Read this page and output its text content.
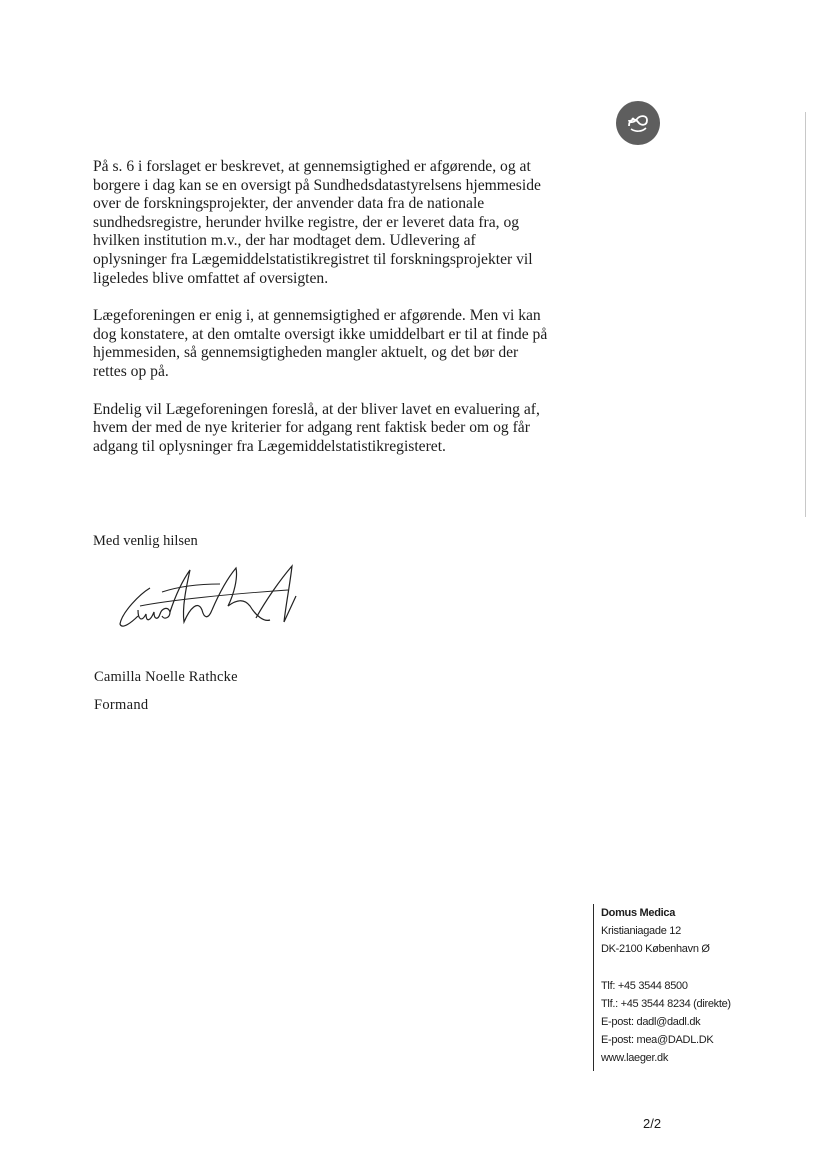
På s. 6 i forslaget er beskrevet, at gennemsigtighed er afgørende, og at borgere i dag kan se en oversigt på Sundhedsdatastyrelsens hjemmeside over de forskningsprojekter, der anvender data fra de nationale sundhedsregistre, herunder hvilke registre, der er leveret data fra, og hvilken institution m.v., der har modtaget dem. Udlevering af oplysninger fra Lægemiddelstatistikregistret til forskningsprojekter vil ligeledes blive omfattet af oversigten.

Lægeforeningen er enig i, at gennemsigtighed er afgørende. Men vi kan dog konstatere, at den omtalte oversigt ikke umiddelbart er til at finde på hjemmesiden, så gennemsigtigheden mangler aktuelt, og det bør der rettes op på.

Endelig vil Lægeforeningen foreslå, at der bliver lavet en evaluering af, hvem der med de nye kriterier for adgang rent faktisk beder om og får adgang til oplysninger fra Lægemiddelstatistikregisteret.

Med venlig hilsen
Camilla Noelle Rathcke
Formand
Domus Medica
Kristianiagade 12
DK-2100 København Ø
Tlf: +45 3544 8500
Tlf.: +45 3544 8234 (direkte)
E-post: dadl@dadl.dk
E-post: mea@DADL.DK
www.laeger.dk
2/2
